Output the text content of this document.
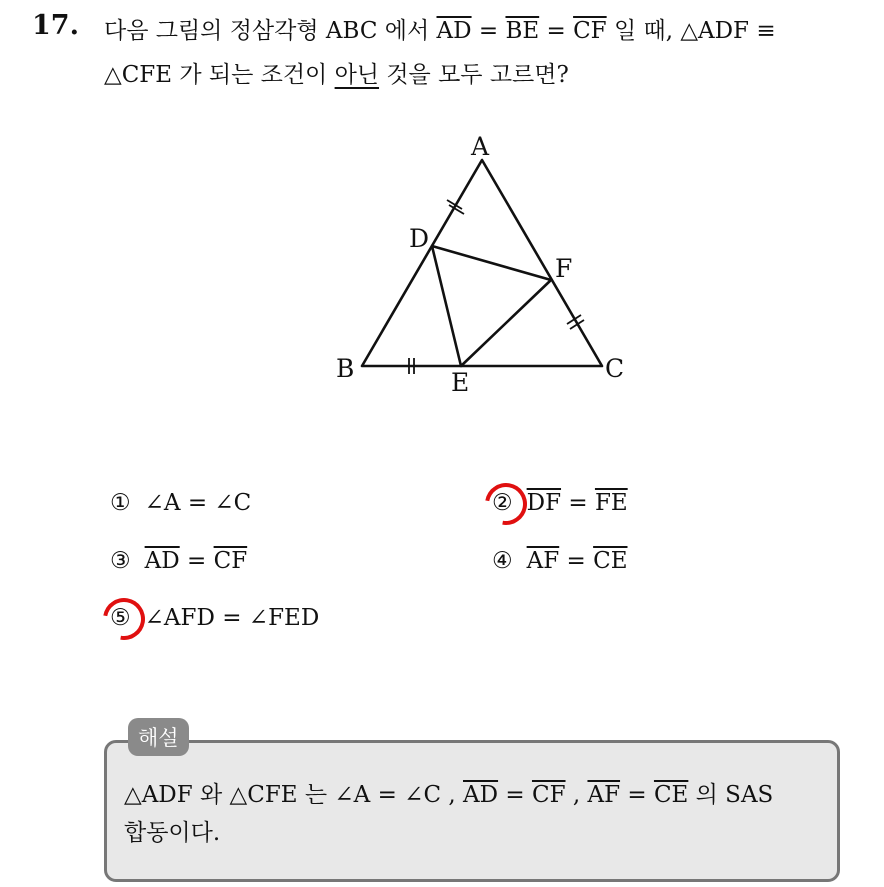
17. 다음 그림의 정삼각형 ABC 에서 $\overline{AD} = \overline{BE} = \overline{CF}$ 일 때, △ADF ≡
△CFE 가 되는 조건이 아닌 것을 모두 고르면?
A
B	C
D
E
F
① ∠A = ∠C	② $\overline{DF} = \overline{FE}$
③ $\overline{AD} = \overline{CF}$	④ $\overline{AF} = \overline{CE}$
⑤ ∠AFD = ∠FED
해설
△ADF 와 △CFE 는 ∠A = ∠C , $\overline{AD} = \overline{CF}$ , $\overline{AF} = \overline{CE}$ 의 SAS
합동이다.
